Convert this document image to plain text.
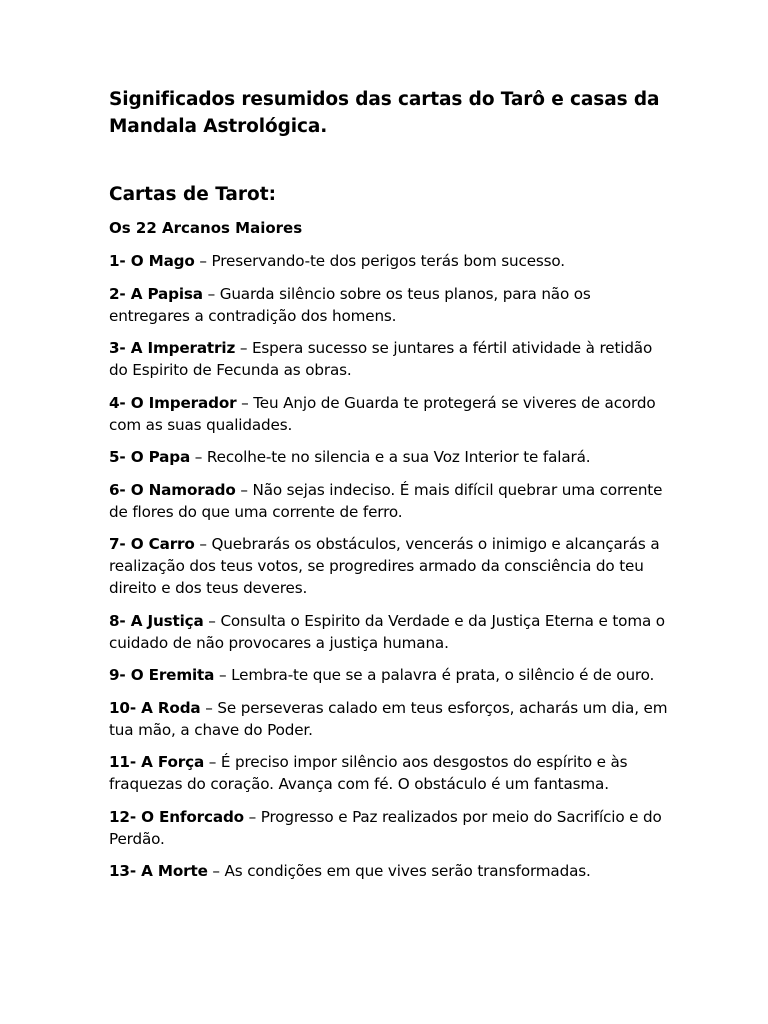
Significados resumidos das cartas do Tarô e casas da Mandala Astrológica.
Cartas de Tarot:
Os 22 Arcanos Maiores
1- O Mago – Preservando-te dos perigos terás bom sucesso.
2- A Papisa – Guarda silêncio sobre os teus planos, para não os entregares a contradição dos homens.
3- A Imperatriz – Espera sucesso se juntares a fértil atividade à retidão do Espirito de Fecunda as obras.
4- O Imperador – Teu Anjo de Guarda te protegerá se viveres de acordo com as suas qualidades.
5- O Papa – Recolhe-te no silencia e a sua Voz Interior te falará.
6- O Namorado – Não sejas indeciso. É mais difícil quebrar uma corrente de flores do que uma corrente de ferro.
7- O Carro – Quebrarás os obstáculos, vencerás o inimigo e alcançarás a realização dos teus votos, se progredires armado da consciência do teu direito e dos teus deveres.
8- A Justiça – Consulta o Espirito da Verdade e da Justiça Eterna e toma o cuidado de não provocares a justiça humana.
9- O Eremita – Lembra-te que se a palavra é prata, o silêncio é de ouro.
10- A Roda – Se perseveras calado em teus esforços, acharás um dia, em tua mão, a chave do Poder.
11- A Força – É preciso impor silêncio aos desgostos do espírito e às fraquezas do coração. Avança com fé. O obstáculo é um fantasma.
12- O Enforcado – Progresso e Paz realizados por meio do Sacrifício e do Perdão.
13- A Morte – As condições em que vives serão transformadas.
